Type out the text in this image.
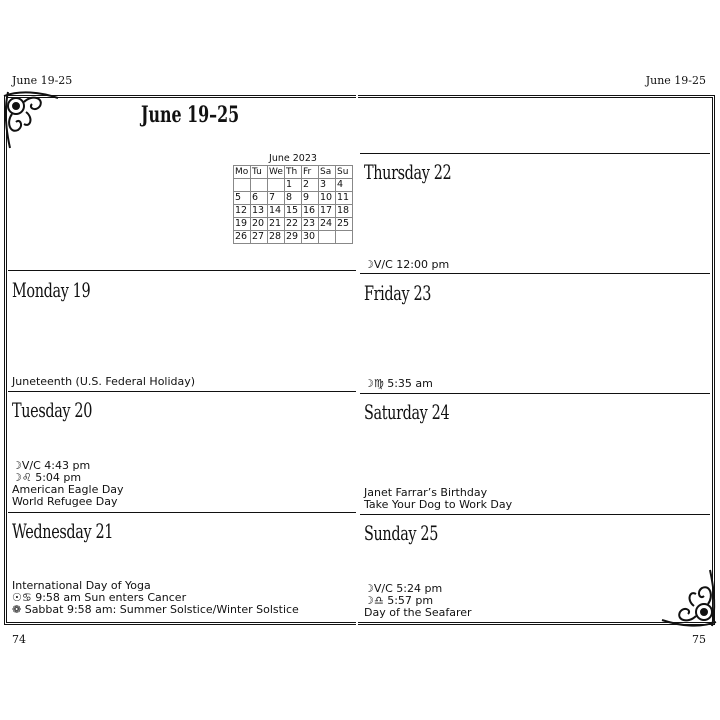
June 19-25	June 19-25
June 19–25
June 2023
Mo	Tu	We	Th	Fr	Sa	Su
			1	2	3	4
5	6	7	8	9	10	11
12	13	14	15	16	17	18
19	20	21	22	23	24	25
26	27	28	29	30		
Monday 19
Juneteenth (U.S. Federal Holiday)
Tuesday 20
☽V/C 4:43 pm
☽♌ 5:04 pm
American Eagle Day
World Refugee Day
Wednesday 21
International Day of Yoga
☉♋ 9:58 am Sun enters Cancer
❁ Sabbat 9:58 am: Summer Solstice/Winter Solstice
Thursday 22
☽V/C 12:00 pm
Friday 23
☽♍ 5:35 am
Saturday 24
Janet Farrar’s Birthday
Take Your Dog to Work Day
Sunday 25
☽V/C 5:24 pm
☽♎ 5:57 pm
Day of the Seafarer
74	75
